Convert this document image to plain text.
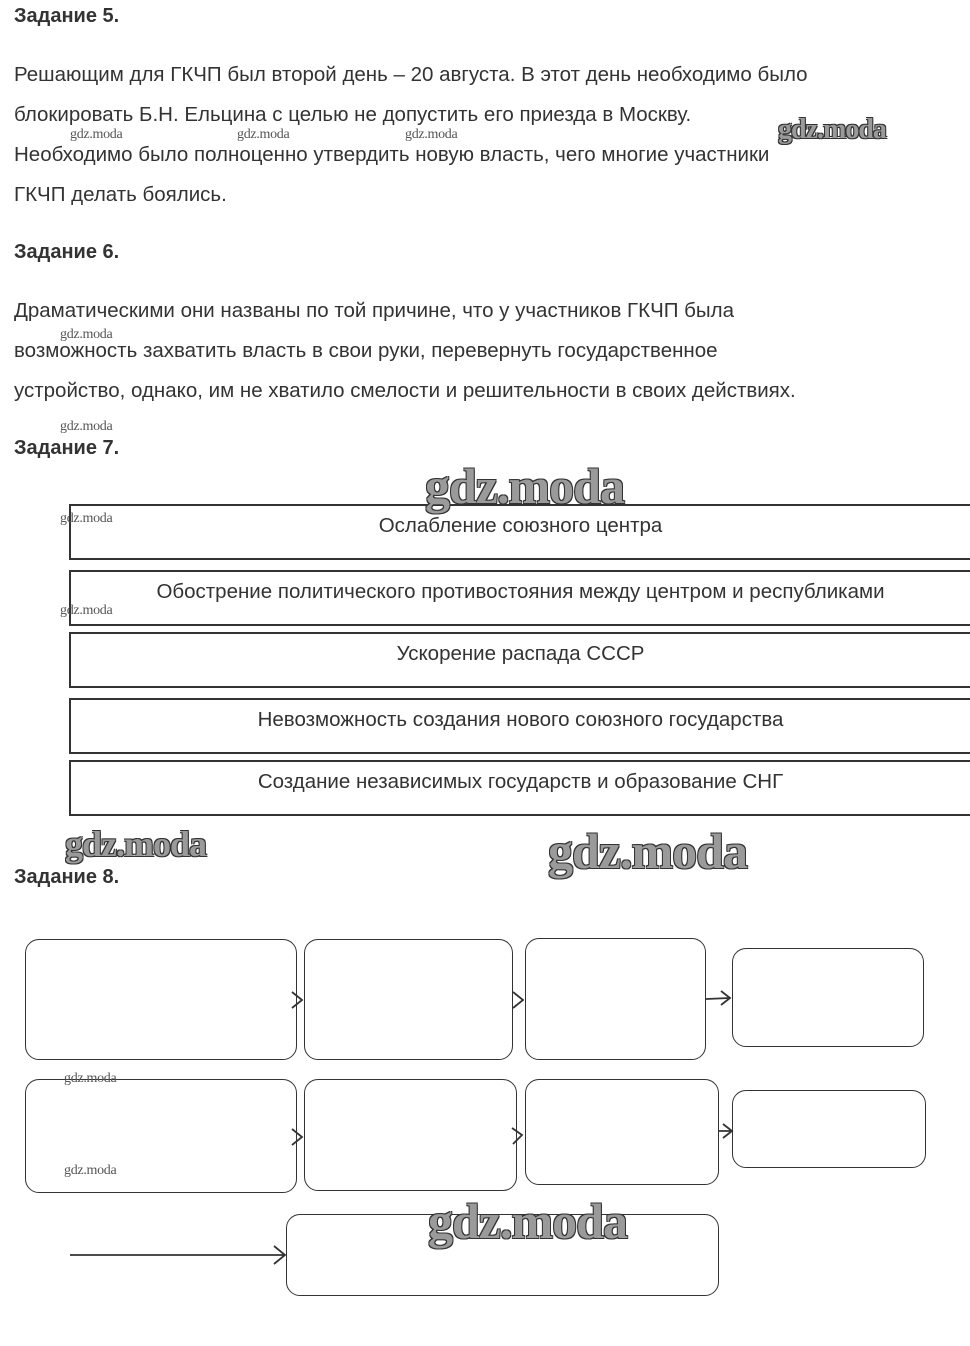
Задание 5.
Решающим для ГКЧП был второй день – 20 августа. В этот день необходимо было
блокировать Б.Н. Ельцина с целью не допустить его приезда в Москву.
Необходимо было полноценно утвердить новую власть, чего многие участники
ГКЧП делать боялись.
Задание 6.
Драматическими они названы по той причине, что у участников ГКЧП была
возможность захватить власть в свои руки, перевернуть государственное
устройство, однако, им не хватило смелости и решительности в своих действиях.
Задание 7.
Ослабление союзного центра
Обострение политического противостояния между центром и республиками
Ускорение распада СССР
Невозможность создания нового союзного государства
Создание независимых государств и образование СНГ
Задание 8.
gdz.moda	gdz.moda	gdz.moda	gdz.moda
gdz.moda
gdz.moda
gdz.moda
gdz.moda
gdz.moda
gdz.moda	gdz.moda
gdz.moda
gdz.moda
gdz.moda
